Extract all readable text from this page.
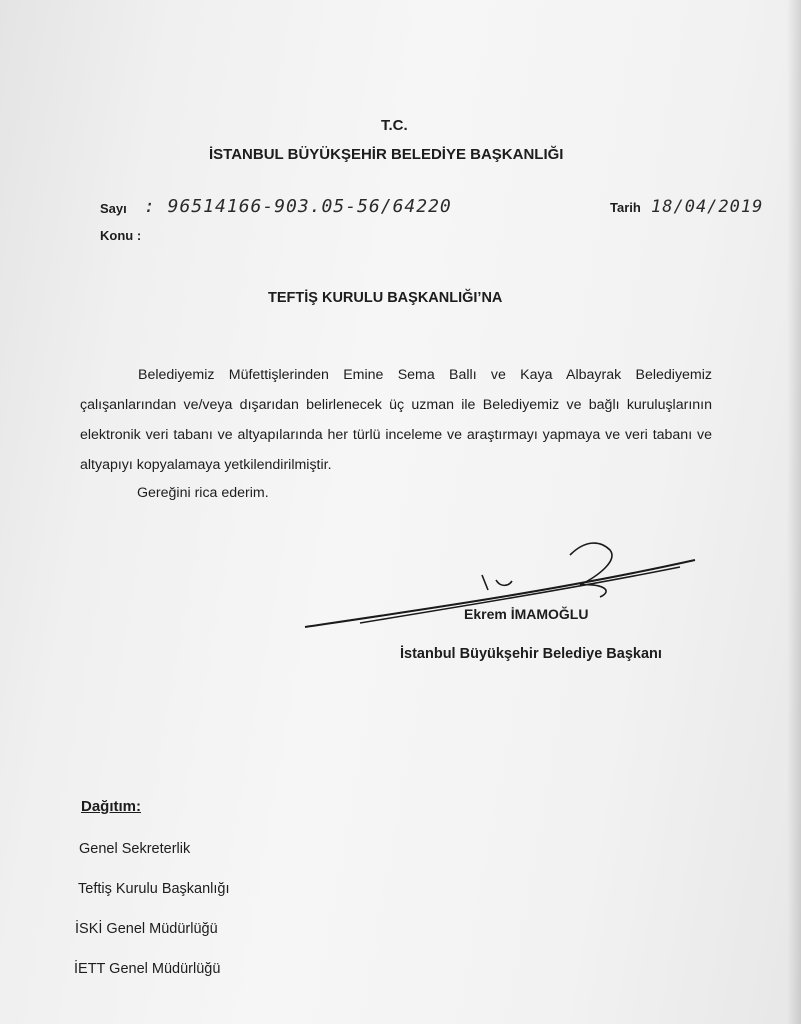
T.C.

İSTANBUL BÜYÜKŞEHİR BELEDİYE BAŞKANLIĞI

Sayı : 96514166-903.05-56/64220

Konu :

Tarih 18/04/2019

TEFTİŞ KURULU BAŞKANLIĞI’NA

Belediyemiz Müfettişlerinden Emine Sema Ballı ve Kaya Albayrak Belediyemiz çalışanlarından ve/veya dışarıdan belirlenecek üç uzman ile Belediyemiz ve bağlı kuruluşlarının elektronik veri tabanı ve altyapılarında her türlü inceleme ve araştırmayı yapmaya ve veri tabanı ve altyapıyı kopyalamaya yetkilendirilmiştir.

Gereğini rica ederim.

Ekrem İMAMOĞLU

İstanbul Büyükşehir Belediye Başkanı

Dağıtım:

Genel Sekreterlik

Teftiş Kurulu Başkanlığı

İSKİ Genel Müdürlüğü

İETT Genel Müdürlüğü
